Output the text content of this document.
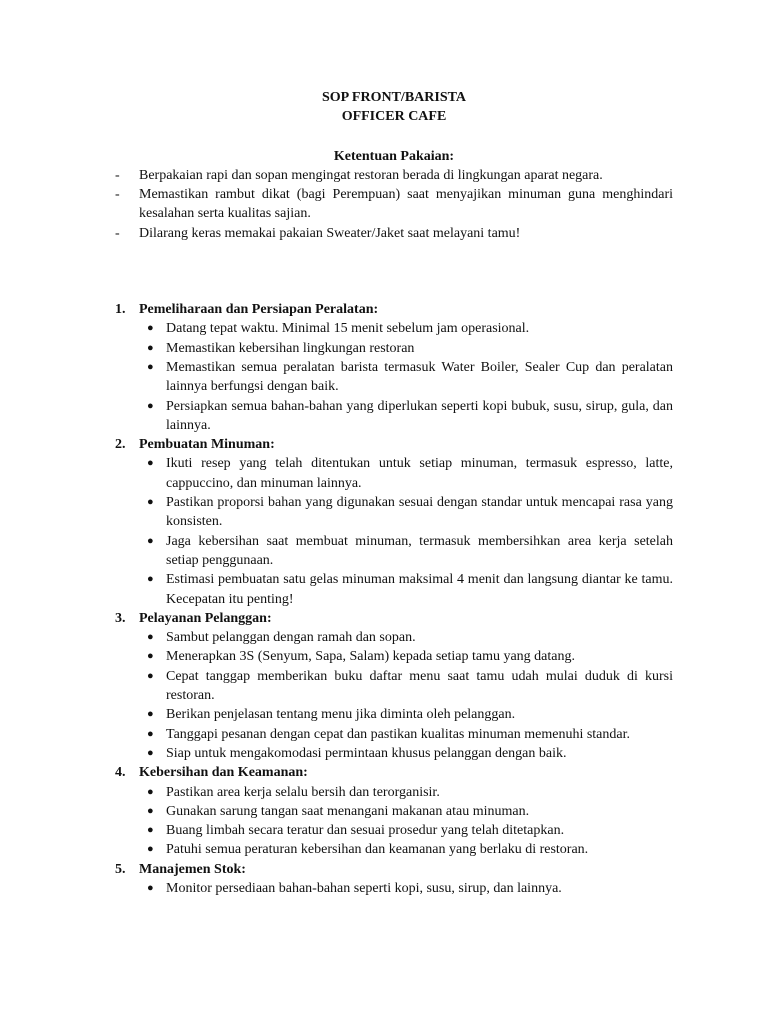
SOP FRONT/BARISTA

OFFICER CAFE

Ketentuan Pakaian:

- Berpakaian rapi dan sopan mengingat restoran berada di lingkungan aparat negara.
- Memastikan rambut dikat (bagi Perempuan) saat menyajikan minuman guna menghindari kesalahan serta kualitas sajian.
- Dilarang keras memakai pakaian Sweater/Jaket saat melayani tamu!
1. Pemeliharaan dan Persiapan Peralatan:
● Datang tepat waktu. Minimal 15 menit sebelum jam operasional.
● Memastikan kebersihan lingkungan restoran
● Memastikan semua peralatan barista termasuk Water Boiler, Sealer Cup dan peralatan lainnya berfungsi dengan baik.
● Persiapkan semua bahan-bahan yang diperlukan seperti kopi bubuk, susu, sirup, gula, dan lainnya.
2. Pembuatan Minuman:
● Ikuti resep yang telah ditentukan untuk setiap minuman, termasuk espresso, latte, cappuccino, dan minuman lainnya.
● Pastikan proporsi bahan yang digunakan sesuai dengan standar untuk mencapai rasa yang konsisten.
● Jaga kebersihan saat membuat minuman, termasuk membersihkan area kerja setelah setiap penggunaan.
● Estimasi pembuatan satu gelas minuman maksimal 4 menit dan langsung diantar ke tamu. Kecepatan itu penting!
3. Pelayanan Pelanggan:
● Sambut pelanggan dengan ramah dan sopan.
● Menerapkan 3S (Senyum, Sapa, Salam) kepada setiap tamu yang datang.
● Cepat tanggap memberikan buku daftar menu saat tamu udah mulai duduk di kursi restoran.
● Berikan penjelasan tentang menu jika diminta oleh pelanggan.
● Tanggapi pesanan dengan cepat dan pastikan kualitas minuman memenuhi standar.
● Siap untuk mengakomodasi permintaan khusus pelanggan dengan baik.
4. Kebersihan dan Keamanan:
● Pastikan area kerja selalu bersih dan terorganisir.
● Gunakan sarung tangan saat menangani makanan atau minuman.
● Buang limbah secara teratur dan sesuai prosedur yang telah ditetapkan.
● Patuhi semua peraturan kebersihan dan keamanan yang berlaku di restoran.
5. Manajemen Stok:
● Monitor persediaan bahan-bahan seperti kopi, susu, sirup, dan lainnya.
